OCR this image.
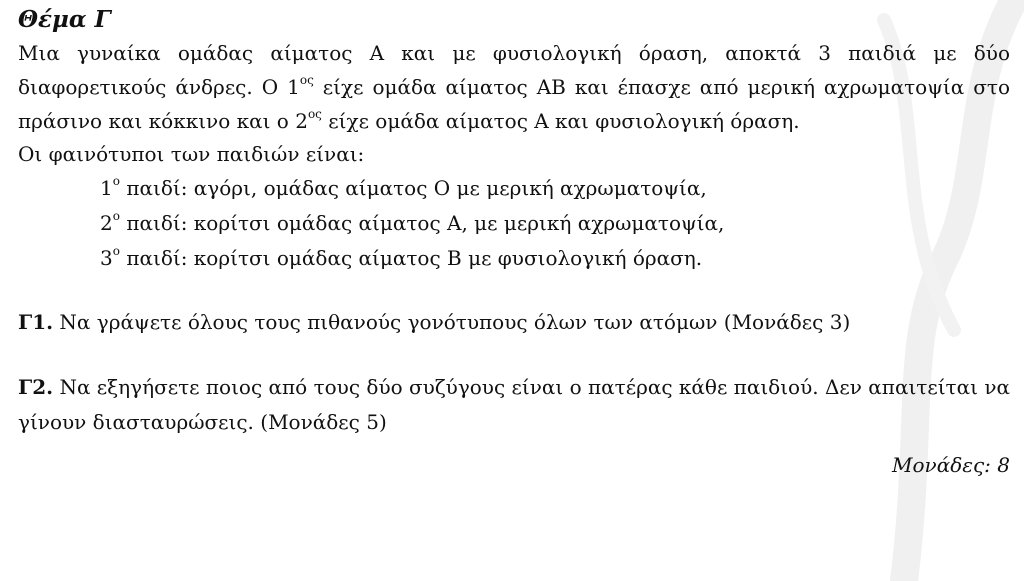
Θέμα Γ

Μια γυναίκα ομάδας αίματος Α και με φυσιολογική όραση, αποκτά 3 παιδιά με δύο διαφορετικούς άνδρες. Ο $1^{o\varsigma}$ είχε ομάδα αίματος ΑΒ και έπασχε από μερική αχρωματοψία στο πράσινο και κόκκινο και ο $2^{o\varsigma}$ είχε ομάδα αίματος Α και φυσιολογική όραση.

Οι φαινότυποι των παιδιών είναι:

$1^o$ παιδί: αγόρι, ομάδας αίματος Ο με μερική αχρωματοψία,

$2^o$ παιδί: κορίτσι ομάδας αίματος Α, με μερική αχρωματοψία,

$3^o$ παιδί: κορίτσι ομάδας αίματος Β με φυσιολογική όραση.

Γ1. Να γράψετε όλους τους πιθανούς γονότυπους όλων των ατόμων (Μονάδες 3)

Γ2. Να εξηγήσετε ποιος από τους δύο συζύγους είναι ο πατέρας κάθε παιδιού. Δεν απαιτείται να γίνουν διασταυρώσεις. (Μονάδες 5)

Μονάδες: 8
